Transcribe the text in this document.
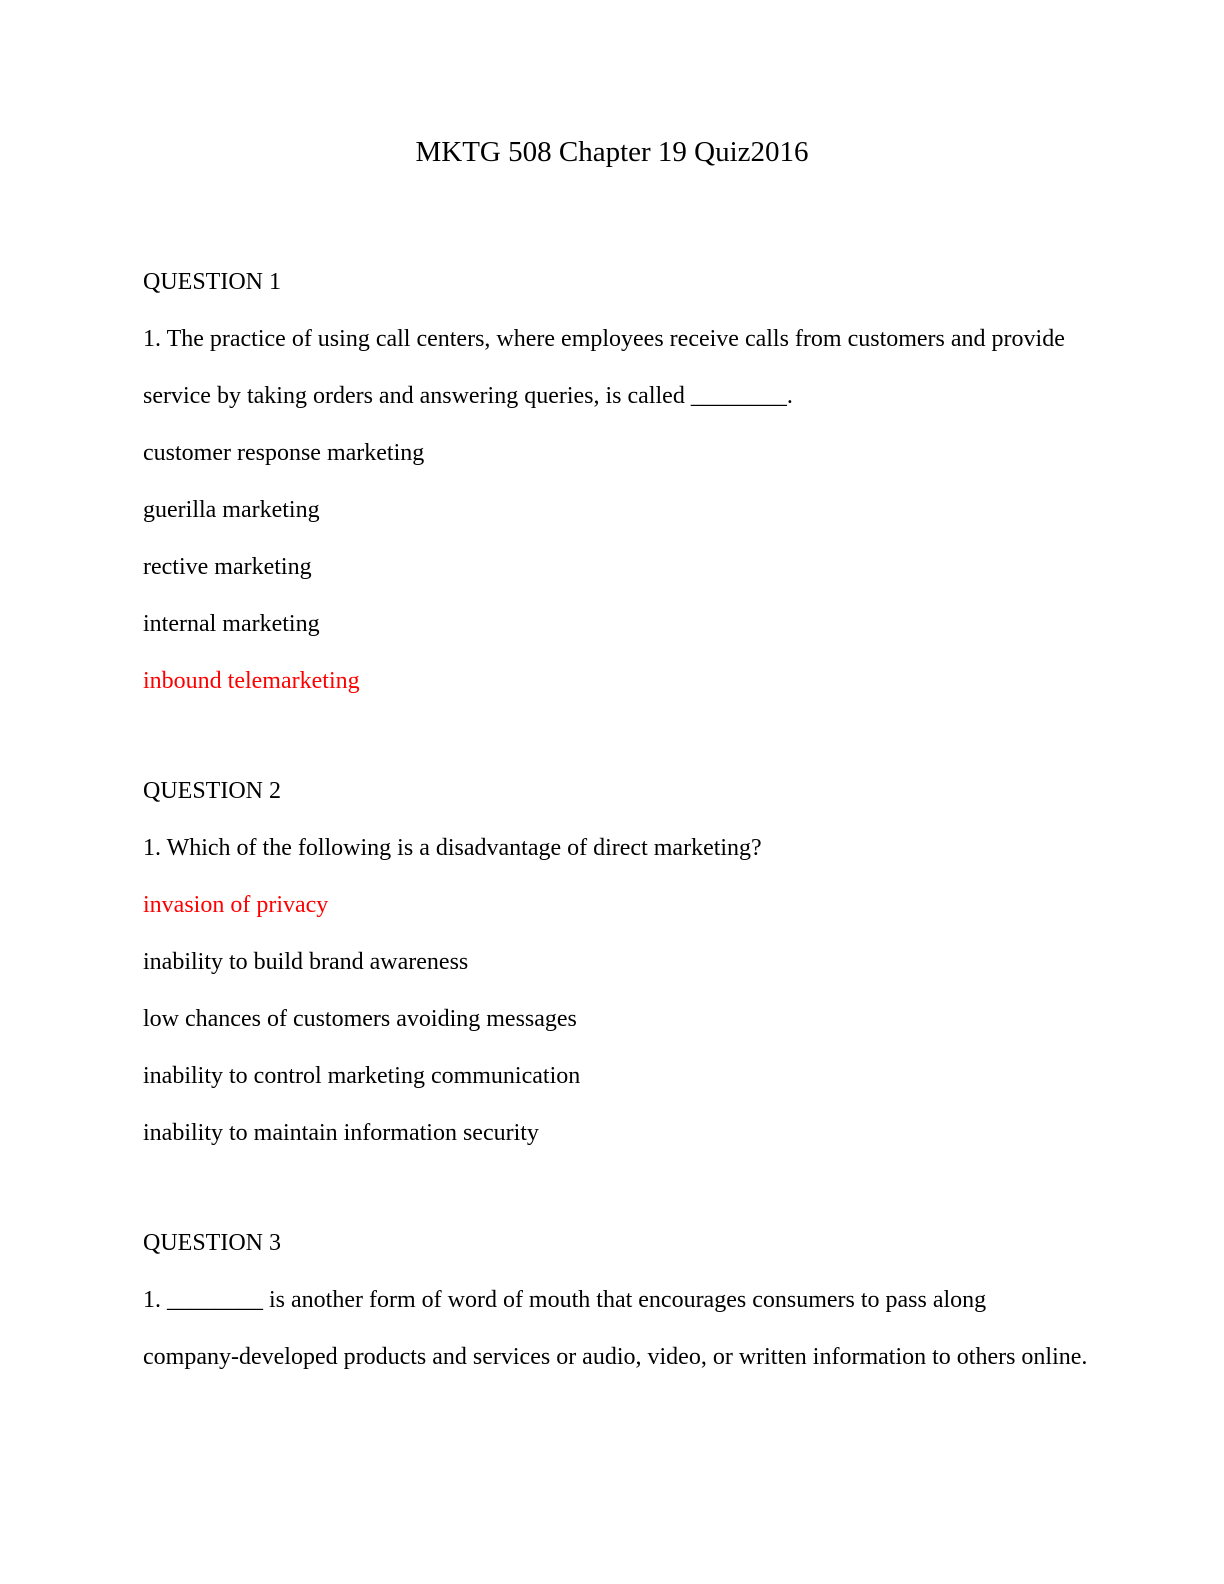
MKTG 508 Chapter 19 Quiz2016
QUESTION 1
1. The practice of using call centers, where employees receive calls from customers and provide
service by taking orders and answering queries, is called ________.
customer response marketing
guerilla marketing
rective marketing
internal marketing
inbound telemarketing
QUESTION 2
1. Which of the following is a disadvantage of direct marketing?
invasion of privacy
inability to build brand awareness
low chances of customers avoiding messages
inability to control marketing communication
inability to maintain information security
QUESTION 3
1. ________ is another form of word of mouth that encourages consumers to pass along
company-developed products and services or audio, video, or written information to others online.
